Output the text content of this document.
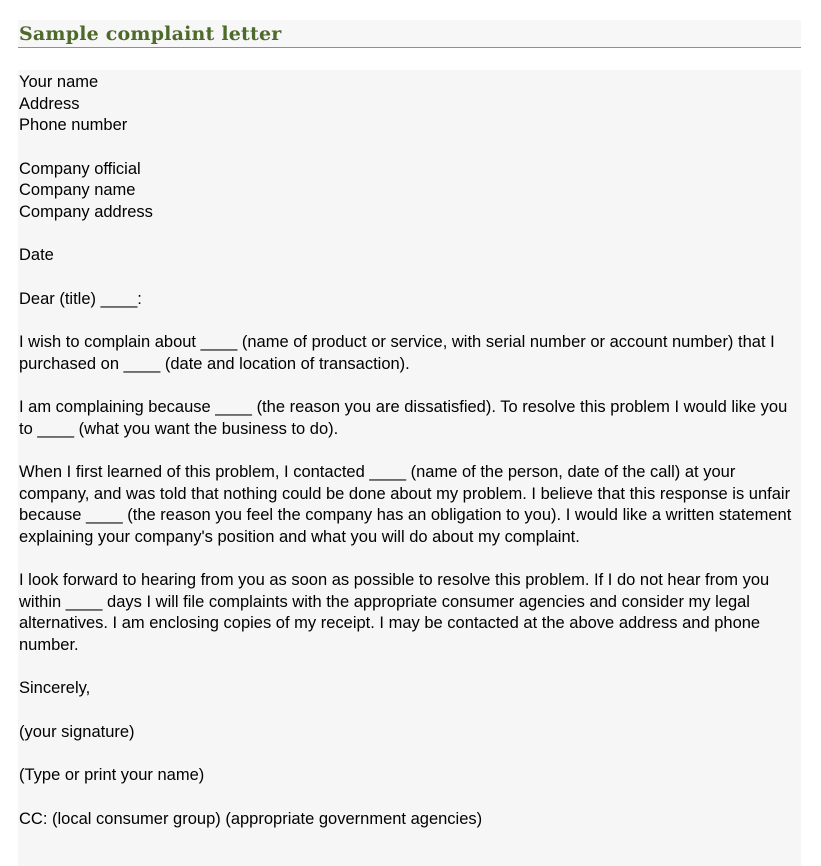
Sample complaint letter
Your name
Address
Phone number
Company official
Company name
Company address

Date

Dear (title) ____:

I wish to complain about ____ (name of product or service, with serial number or account number) that I purchased on ____ (date and location of transaction).

I am complaining because ____ (the reason you are dissatisfied). To resolve this problem I would like you to ____ (what you want the business to do).

When I first learned of this problem, I contacted ____ (name of the person, date of the call) at your company, and was told that nothing could be done about my problem. I believe that this response is unfair because ____ (the reason you feel the company has an obligation to you). I would like a written statement explaining your company's position and what you will do about my complaint.

I look forward to hearing from you as soon as possible to resolve this problem. If I do not hear from you within ____ days I will file complaints with the appropriate consumer agencies and consider my legal alternatives. I am enclosing copies of my receipt. I may be contacted at the above address and phone number.

Sincerely,

(your signature)

(Type or print your name)

CC: (local consumer group) (appropriate government agencies)
